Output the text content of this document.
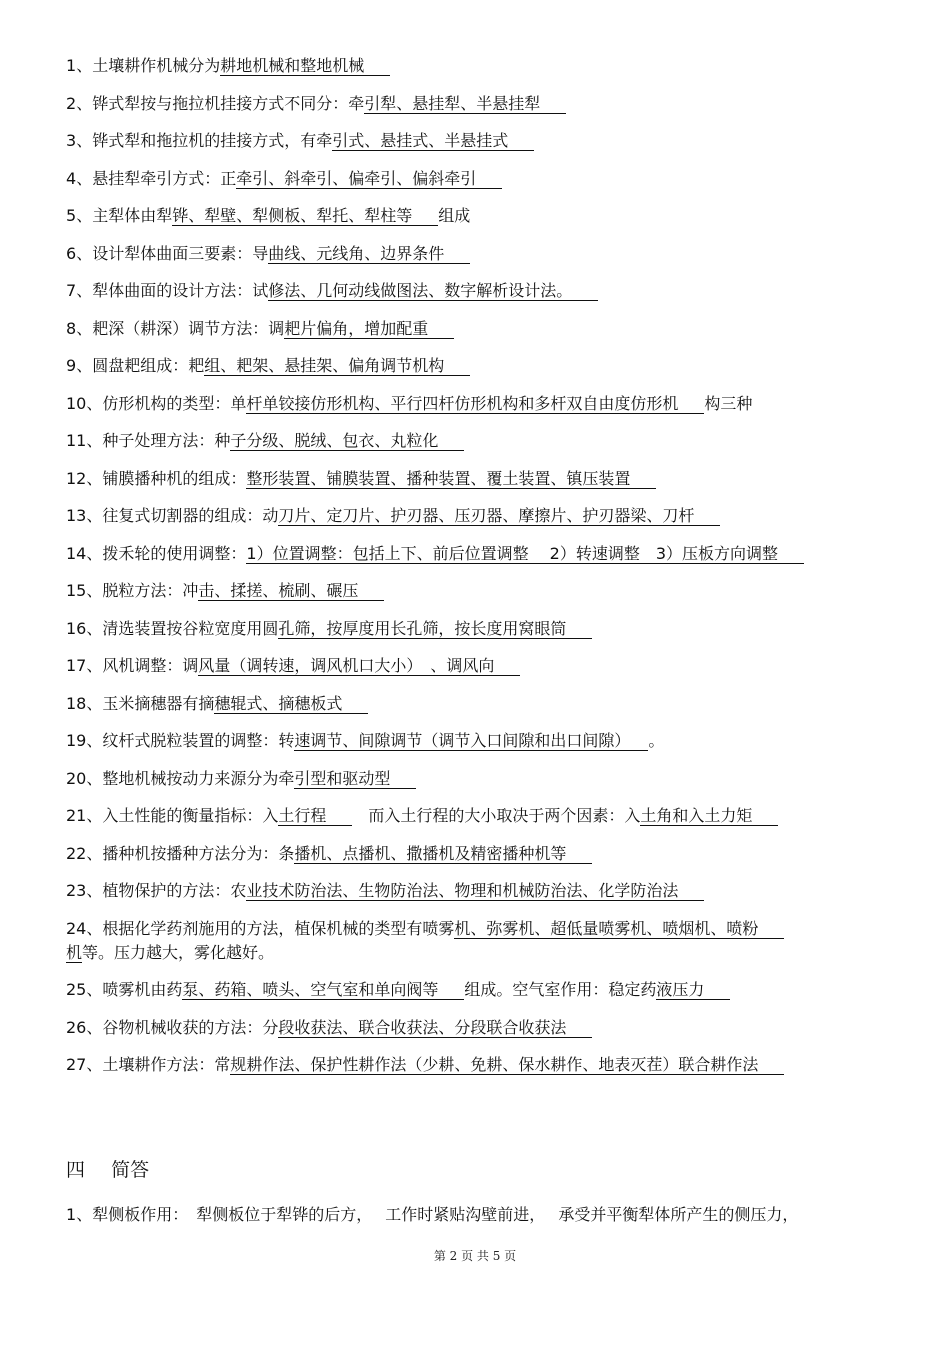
1、土壤耕作机械分为耕地机械和整地机械
2、铧式犁按与拖拉机挂接方式不同分：牵引犁、悬挂犁、半悬挂犁
3、铧式犁和拖拉机的挂接方式，有牵引式、悬挂式、半悬挂式
4、悬挂犁牵引方式：正牵引、斜牵引、偏牵引、偏斜牵引
5、主犁体由犁铧、犁壁、犁侧板、犁托、犁柱等 组成
6、设计犁体曲面三要素：导曲线、元线角、边界条件
7、犁体曲面的设计方法：试修法、几何动线做图法、数字解析设计法。
8、耙深（耕深）调节方法：调耙片偏角，增加配重
9、圆盘耙组成：耙组、耙架、悬挂架、偏角调节机构
10、仿形机构的类型：单杆单铰接仿形机构、平行四杆仿形机构和多杆双自由度仿形机 构三种
11、种子处理方法：种子分级、脱绒、包衣、丸粒化
12、铺膜播种机的组成：整形装置、铺膜装置、播种装置、覆土装置、镇压装置
13、往复式切割器的组成：动刀片、定刀片、护刃器、压刃器、摩擦片、护刃器梁、刀杆
14、拨禾轮的使用调整：1）位置调整：包括上下、前后位置调整　 2）转速调整　3）压板方向调整
15、脱粒方法：冲击、揉搓、梳刷、碾压
16、清选装置按谷粒宽度用圆孔筛，按厚度用长孔筛，按长度用窝眼筒
17、风机调整：调风量（调转速，调风机口大小）　、调风向
18、玉米摘穗器有摘穗辊式、摘穗板式
19、纹杆式脱粒装置的调整：转速调节、间隙调节（调节入口间隙和出口间隙） 。
20、整地机械按动力来源分为牵引型和驱动型
21、入土性能的衡量指标：入土行程　而入土行程的大小取决于两个因素：入土角和入土力矩
22、播种机按播种方法分为：条播机、点播机、撒播机及精密播种机等
23、植物保护的方法：农业技术防治法、生物防治法、物理和机械防治法、化学防治法
24、根据化学药剂施用的方法，植保机械的类型有喷雾机、弥雾机、超低量喷雾机、喷烟机、喷粉
机等。压力越大，雾化越好。
25、喷雾机由药泵、药箱、喷头、空气室和单向阀等 组成。空气室作用：稳定药液压力
26、谷物机械收获的方法：分段收获法、联合收获法、分段联合收获法
27、土壤耕作方法：常规耕作法、保护性耕作法（少耕、免耕、保水耕作、地表灭茬）联合耕作法
四 简答
1、犁侧板作用：　犁侧板位于犁铧的后方，　 工作时紧贴沟壁前进，　 承受并平衡犁体所产生的侧压力，
第 2 页 共 5 页
